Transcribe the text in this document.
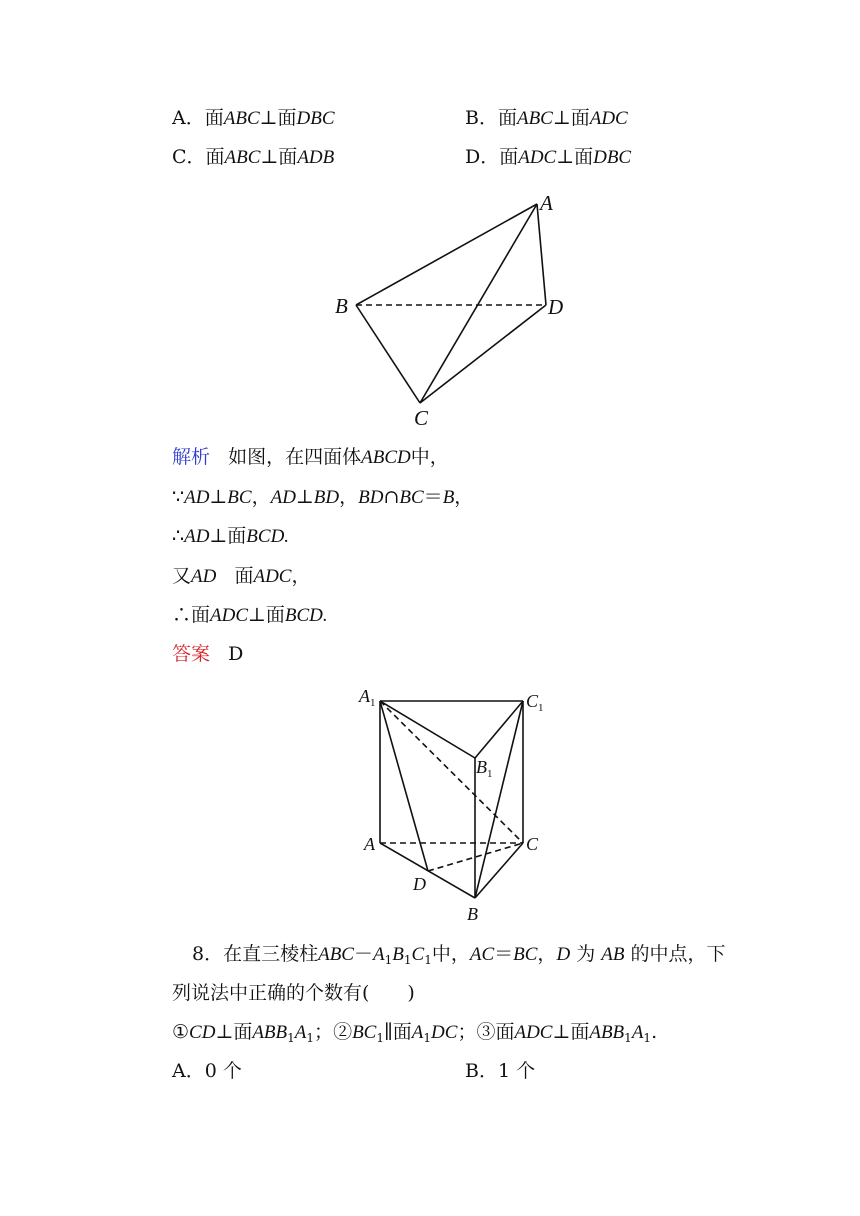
A．面ABC⊥面DBC	B．面ABC⊥面ADC
C．面ABC⊥面ADB	D．面ADC⊥面DBC
A
B
C
D
解析 如图，在四面体ABCD中，
∵AD⊥BC，AD⊥BD，BD∩BC＝B，
∴AD⊥面BCD.
又AD 面ADC，
∴面ADC⊥面BCD.
答案 D
$A_1$	$C_1$
$B_1$
A	C
D
B
8．在直三棱柱$ABC-A_1B_1C_1$中，AC＝BC，D 为 AB 的中点，下
列说法中正确的个数有(　　)
①CD⊥面$ABB_1A_1$；$②BC_1\parallel$面$A_1DC$；③面ADC⊥面$ABB_1A_1$.
A．0 个	B．1 个
